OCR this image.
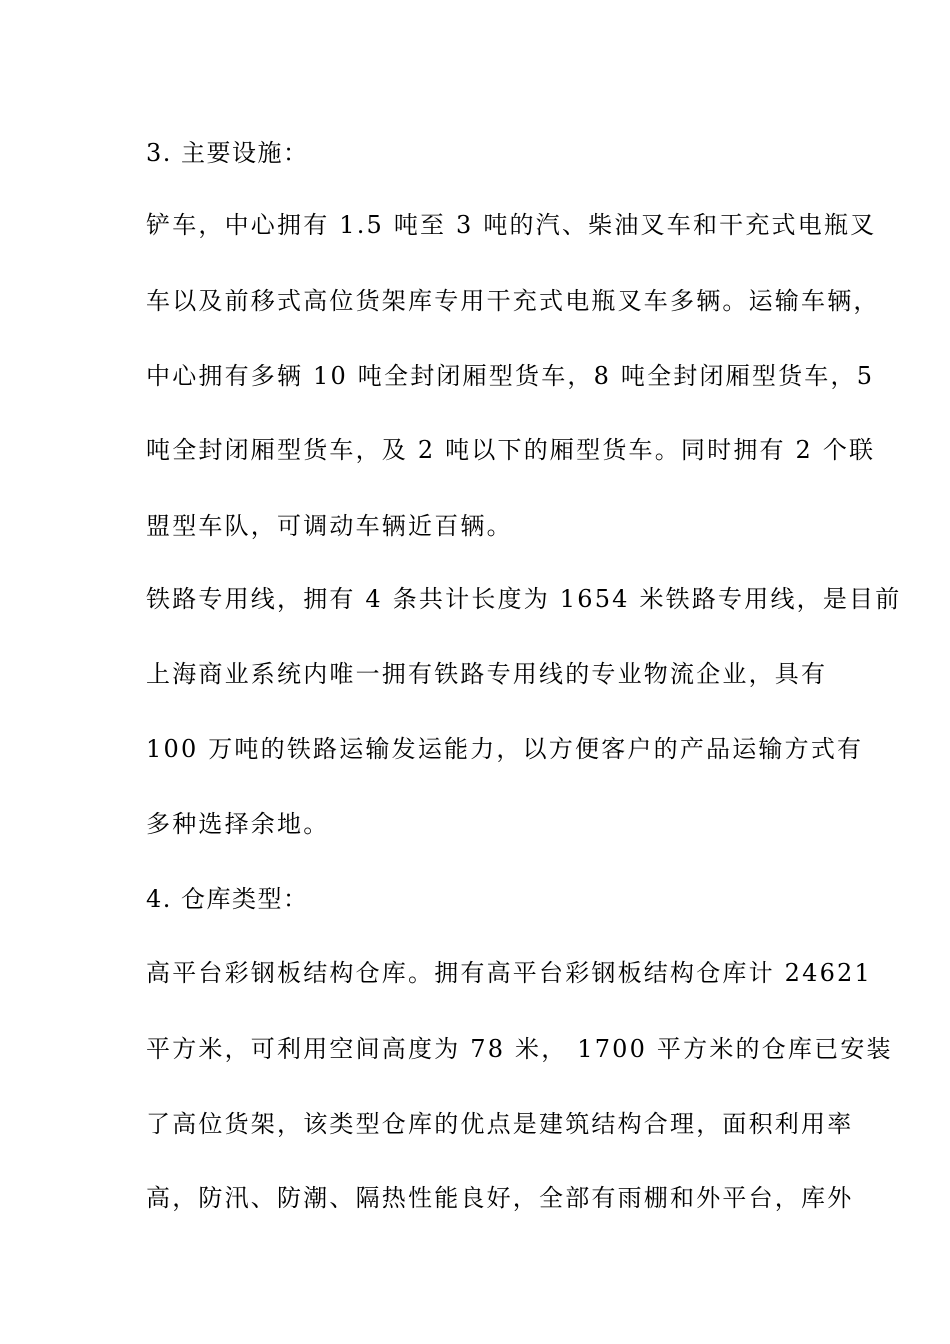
3. 主要设施：

铲车，中心拥有 1.5 吨至 3 吨的汽、柴油叉车和干充式电瓶叉

车以及前移式高位货架库专用干充式电瓶叉车多辆。运输车辆，

中心拥有多辆 10 吨全封闭厢型货车，8 吨全封闭厢型货车，5

吨全封闭厢型货车，及 2 吨以下的厢型货车。同时拥有 2 个联

盟型车队，可调动车辆近百辆。

铁路专用线，拥有 4 条共计长度为 1654 米铁路专用线，是目前

上海商业系统内唯一拥有铁路专用线的专业物流企业，具有

100 万吨的铁路运输发运能力，以方便客户的产品运输方式有

多种选择余地。

4. 仓库类型：

高平台彩钢板结构仓库。拥有高平台彩钢板结构仓库计 24621

平方米，可利用空间高度为 78 米， 1700 平方米的仓库已安装

了高位货架，该类型仓库的优点是建筑结构合理，面积利用率

高，防汛、防潮、隔热性能良好，全部有雨棚和外平台，库外
